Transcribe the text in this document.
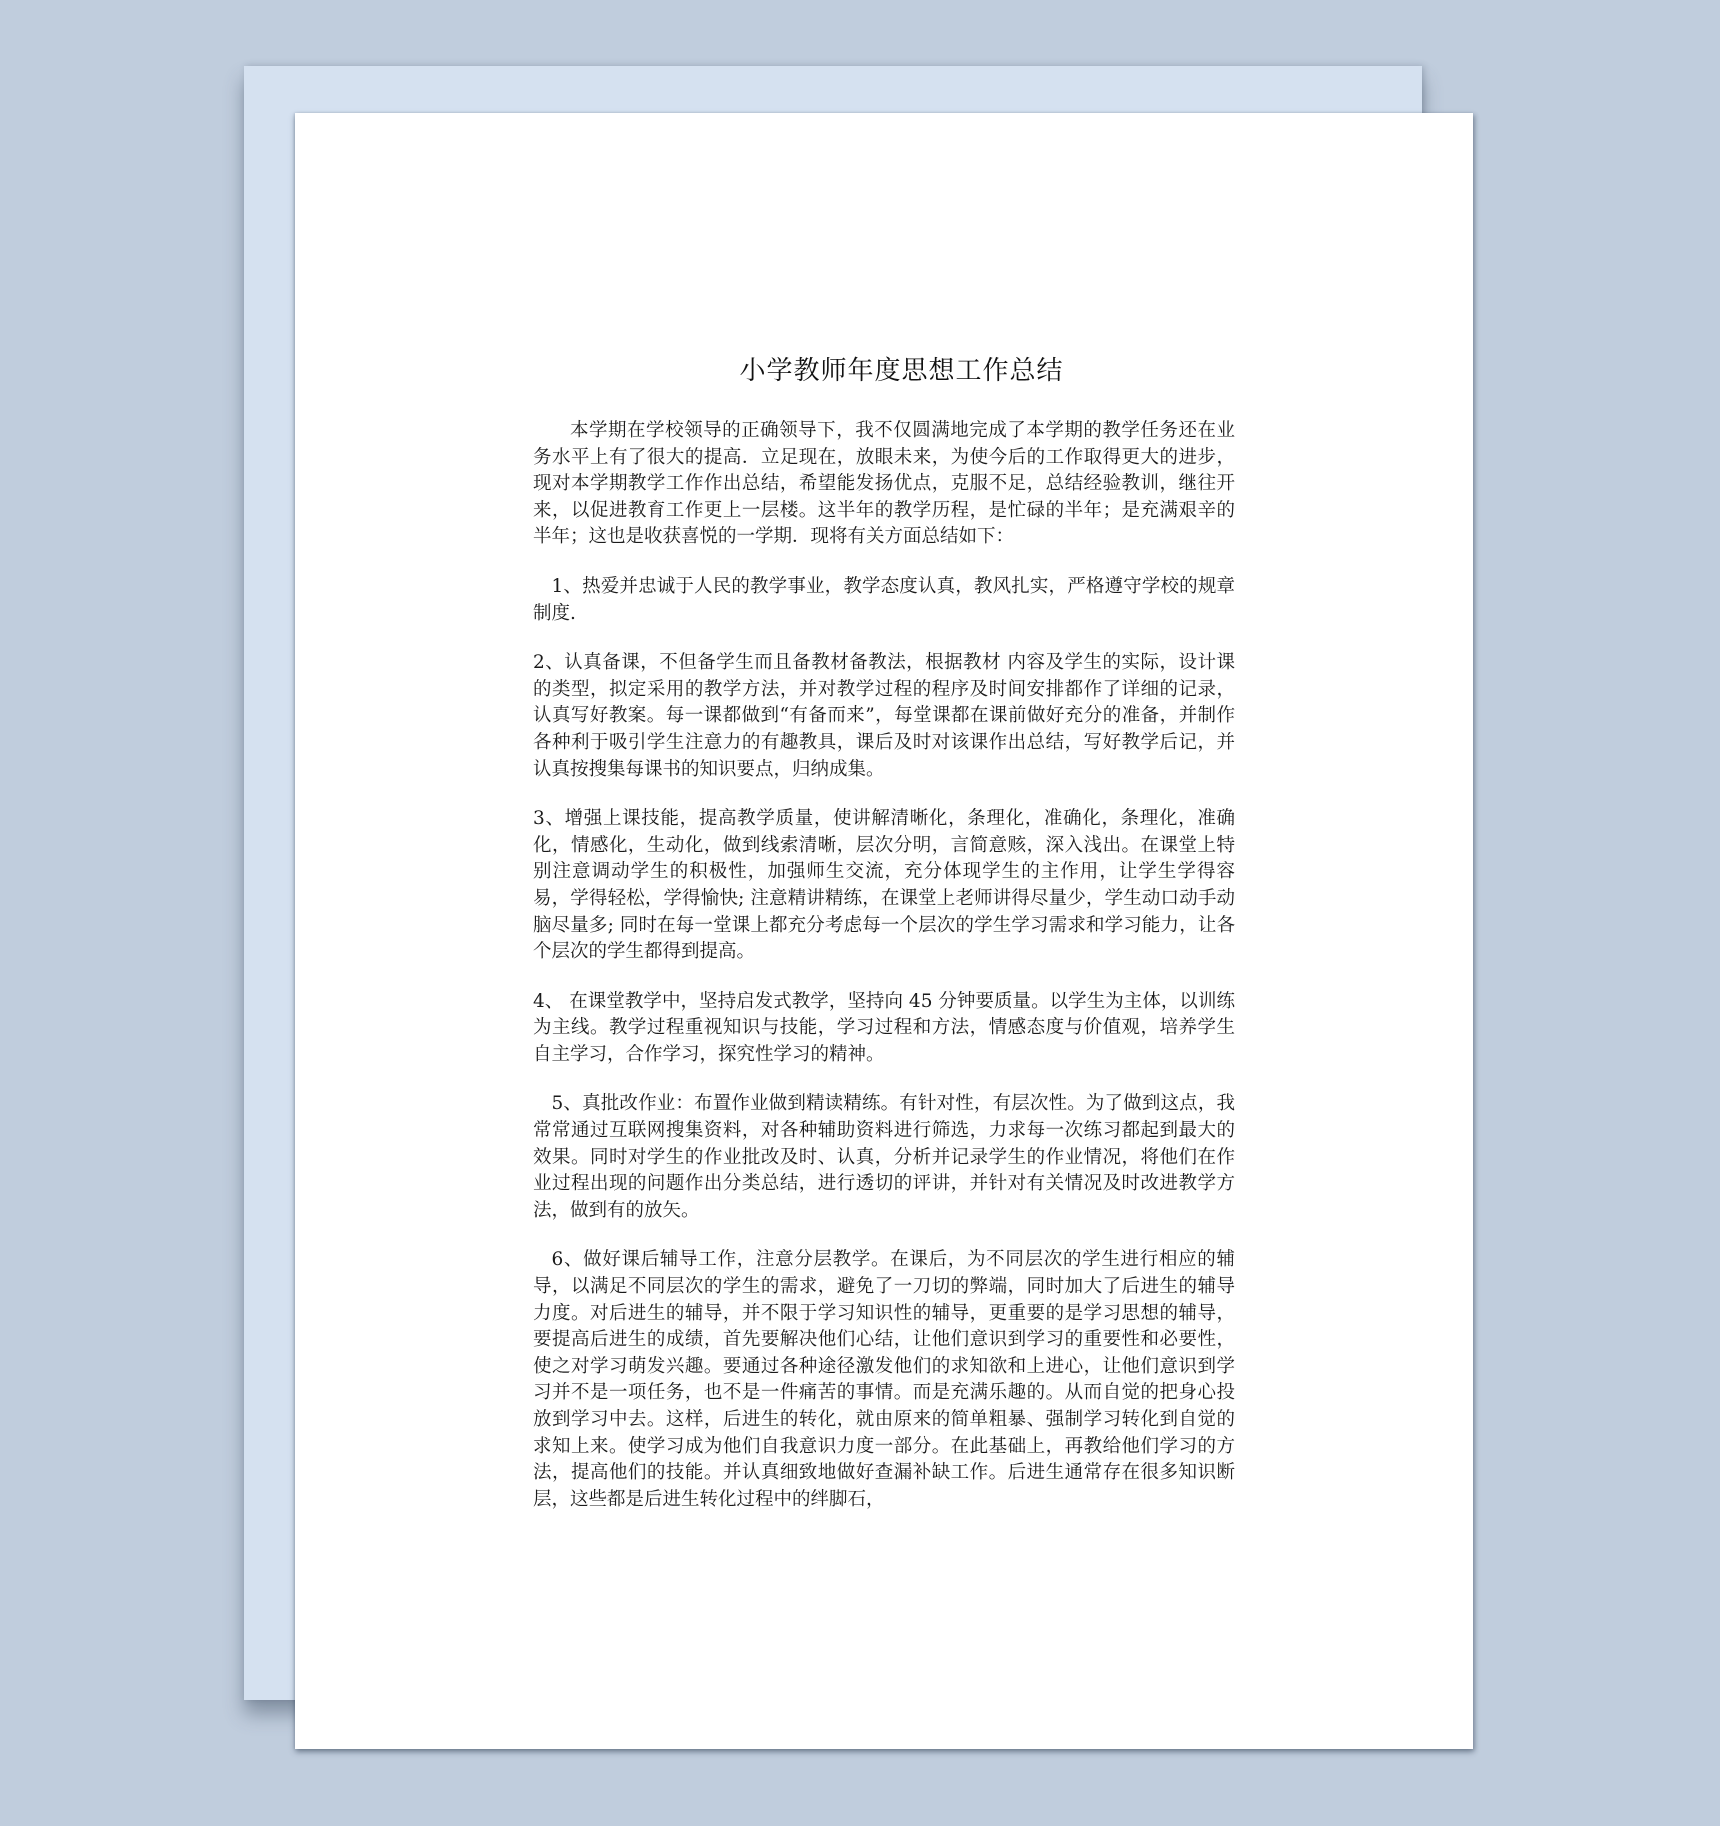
小学教师年度思想工作总结

本学期在学校领导的正确领导下，我不仅圆满地完成了本学期的教学任务还在业务水平上有了很大的提高．立足现在，放眼未来，为使今后的工作取得更大的进步，现对本学期教学工作作出总结，希望能发扬优点，克服不足，总结经验教训，继往开来，以促进教育工作更上一层楼。这半年的教学历程，是忙碌的半年；是充满艰辛的半年；这也是收获喜悦的一学期．现将有关方面总结如下：

1、热爱并忠诚于人民的教学事业，教学态度认真，教风扎实，严格遵守学校的规章制度.

2、认真备课，不但备学生而且备教材备教法，根据教材 内容及学生的实际，设计课的类型，拟定采用的教学方法，并对教学过程的程序及时间安排都作了详细的记录，认真写好教案。每一课都做到“有备而来”，每堂课都在课前做好充分的准备，并制作各种利于吸引学生注意力的有趣教具，课后及时对该课作出总结，写好教学后记，并认真按搜集每课书的知识要点，归纳成集。

3、增强上课技能，提高教学质量，使讲解清晰化，条理化，准确化，条理化，准确化，情感化，生动化，做到线索清晰，层次分明，言简意赅，深入浅出。在课堂上特别注意调动学生的积极性，加强师生交流，充分体现学生的主作用，让学生学得容易，学得轻松，学得愉快; 注意精讲精练，在课堂上老师讲得尽量少，学生动口动手动脑尽量多; 同时在每一堂课上都充分考虑每一个层次的学生学习需求和学习能力，让各个层次的学生都得到提高。

4、 在课堂教学中，坚持启发式教学，坚持向 45 分钟要质量。以学生为主体，以训练为主线。教学过程重视知识与技能，学习过程和方法，情感态度与价值观，培养学生自主学习，合作学习，探究性学习的精神。

5、真批改作业：布置作业做到精读精练。有针对性，有层次性。为了做到这点，我常常通过互联网搜集资料，对各种辅助资料进行筛选，力求每一次练习都起到最大的效果。同时对学生的作业批改及时、认真，分析并记录学生的作业情况，将他们在作业过程出现的问题作出分类总结，进行透切的评讲，并针对有关情况及时改进教学方法，做到有的放矢。

6、做好课后辅导工作，注意分层教学。在课后，为不同层次的学生进行相应的辅导，以满足不同层次的学生的需求，避免了一刀切的弊端，同时加大了后进生的辅导力度。对后进生的辅导，并不限于学习知识性的辅导，更重要的是学习思想的辅导，要提高后进生的成绩，首先要解决他们心结，让他们意识到学习的重要性和必要性，使之对学习萌发兴趣。要通过各种途径激发他们的求知欲和上进心，让他们意识到学习并不是一项任务，也不是一件痛苦的事情。而是充满乐趣的。从而自觉的把身心投放到学习中去。这样，后进生的转化，就由原来的简单粗暴、强制学习转化到自觉的求知上来。使学习成为他们自我意识力度一部分。在此基础上，再教给他们学习的方法，提高他们的技能。并认真细致地做好查漏补缺工作。后进生通常存在很多知识断层，这些都是后进生转化过程中的绊脚石，
